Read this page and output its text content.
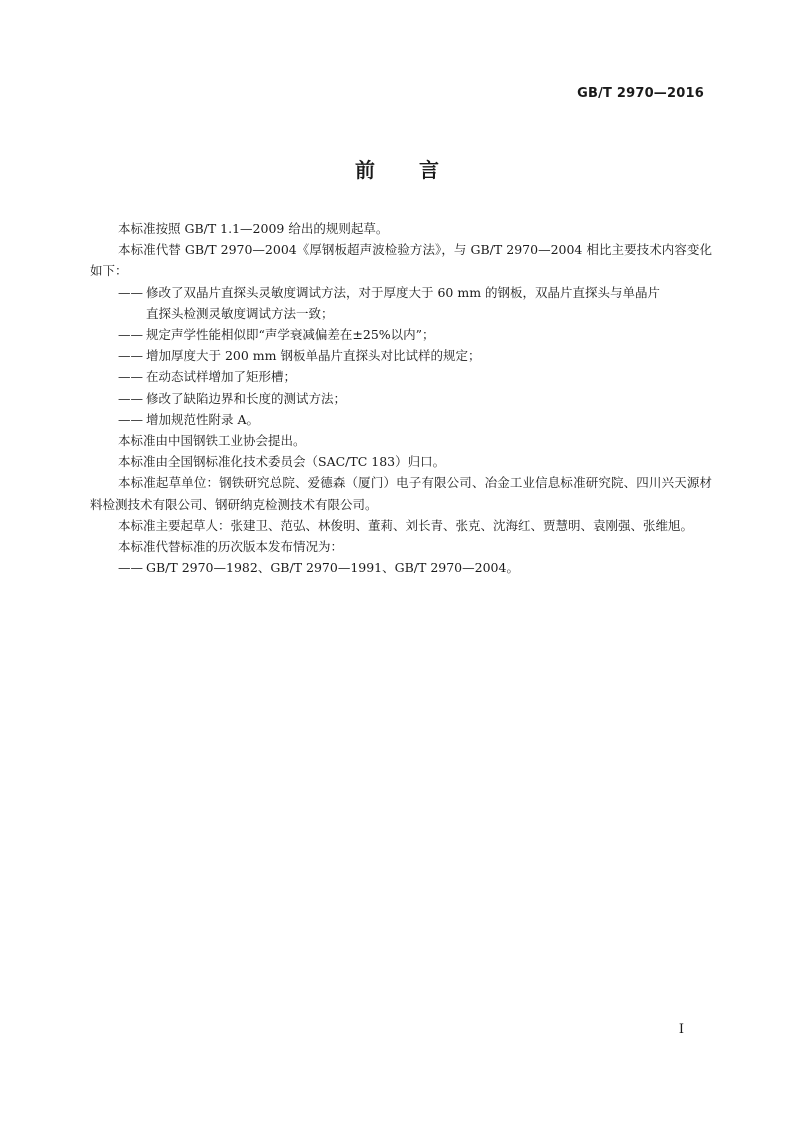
GB/T 2970—2016
前 言

本标准按照 GB/T 1.1—2009 给出的规则起草。

本标准代替 GB/T 2970—2004《厚钢板超声波检验方法》，与 GB/T 2970—2004 相比主要技术内容变化如下：

—— 修改了双晶片直探头灵敏度调试方法，对于厚度大于 60 mm 的钢板，双晶片直探头与单晶片
直探头检测灵敏度调试方法一致；
—— 规定声学性能相似即“声学衰减偏差在±25%以内”；
—— 增加厚度大于 200 mm 钢板单晶片直探头对比试样的规定；
—— 在动态试样增加了矩形槽；
—— 修改了缺陷边界和长度的测试方法；
—— 增加规范性附录 A。

本标准由中国钢铁工业协会提出。

本标准由全国钢标准化技术委员会（SAC/TC 183）归口。

本标准起草单位：钢铁研究总院、爱德森（厦门）电子有限公司、冶金工业信息标准研究院、四川兴天源材料检测技术有限公司、钢研纳克检测技术有限公司。

本标准主要起草人：张建卫、范弘、林俊明、董莉、刘长青、张克、沈海红、贾慧明、袁刚强、张维旭。

本标准代替标准的历次版本发布情况为：

—— GB/T 2970—1982、GB/T 2970—1991、GB/T 2970—2004。
I
